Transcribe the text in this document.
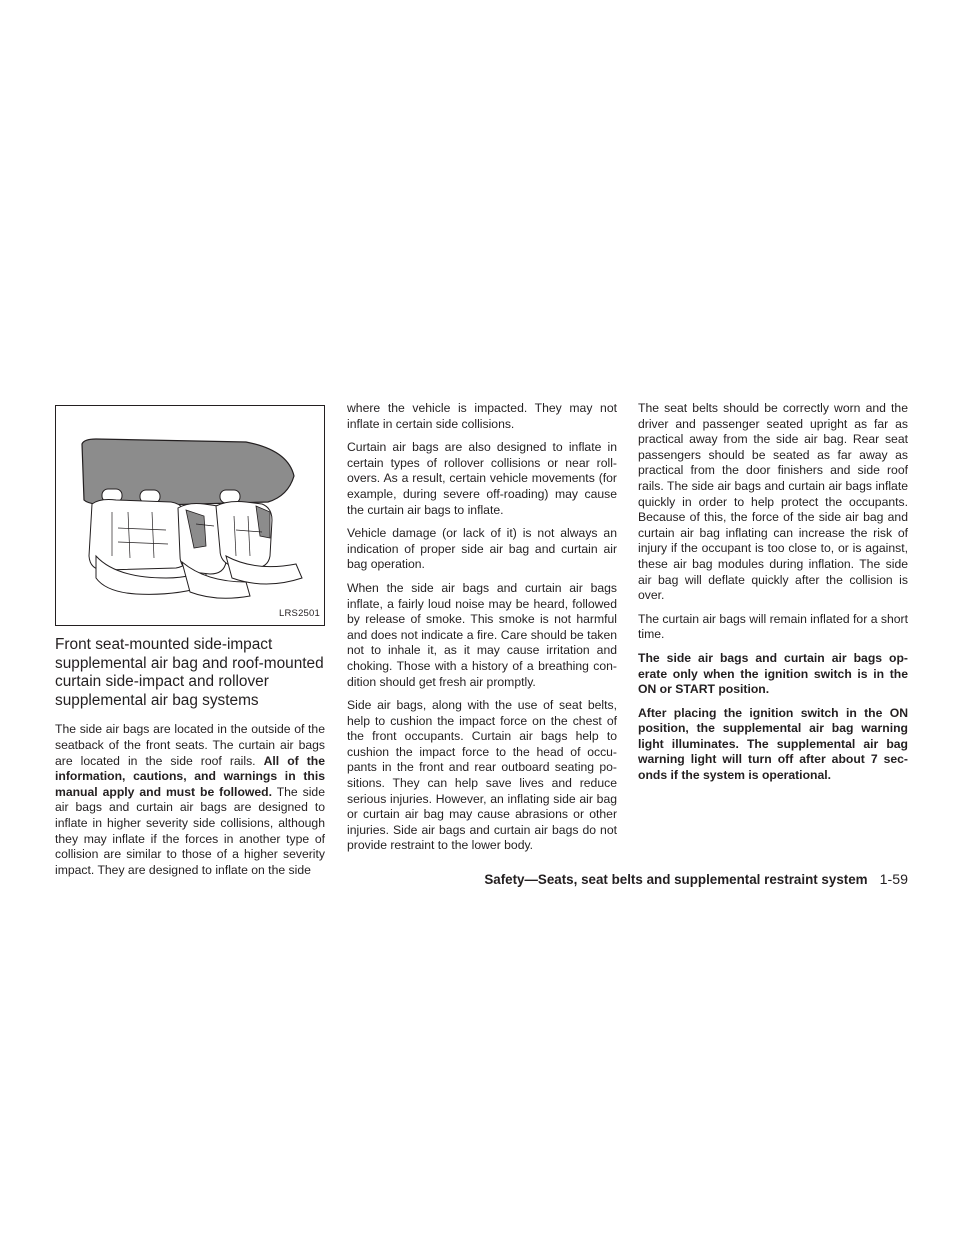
LRS2501
Front seat-mounted side-impact supplemental air bag and roof-mounted curtain side-impact and rollover supplemental air bag systems

The side air bags are located in the outside of the seatback of the front seats. The curtain air bags are located in the side roof rails. All of the information, cautions, and warnings in this manual apply and must be followed. The side air bags and curtain air bags are designed to inflate in higher severity side collisions, although they may inflate if the forces in another type of collision are similar to those of a higher severity impact. They are designed to inflate on the side

where the vehicle is impacted. They may not inflate in certain side collisions.

Curtain air bags are also designed to inflate in certain types of rollover collisions or near roll-overs. As a result, certain vehicle movements (for example, during severe off-roading) may cause the curtain air bags to inflate.

Vehicle damage (or lack of it) is not always an indication of proper side air bag and curtain air bag operation.

When the side air bags and curtain air bags inflate, a fairly loud noise may be heard, followed by release of smoke. This smoke is not harmful and does not indicate a fire. Care should be taken not to inhale it, as it may cause irritation and choking. Those with a history of a breathing con-dition should get fresh air promptly.

Side air bags, along with the use of seat belts, help to cushion the impact force on the chest of the front occupants. Curtain air bags help to cushion the impact force to the head of occu-pants in the front and rear outboard seating po-sitions. They can help save lives and reduce serious injuries. However, an inflating side air bag or curtain air bag may cause abrasions or other injuries. Side air bags and curtain air bags do not provide restraint to the lower body.

The seat belts should be correctly worn and the driver and passenger seated upright as far as practical away from the side air bag. Rear seat passengers should be seated as far away as practical from the door finishers and side roof rails. The side air bags and curtain air bags inflate quickly in order to help protect the occupants. Because of this, the force of the side air bag and curtain air bag inflating can increase the risk of injury if the occupant is too close to, or is against, these air bag modules during inflation. The side air bag will deflate quickly after the collision is over.

The curtain air bags will remain inflated for a short time.

The side air bags and curtain air bags op-erate only when the ignition switch is in the ON or START position.

After placing the ignition switch in the ON position, the supplemental air bag warning light illuminates. The supplemental air bag warning light will turn off after about 7 sec-onds if the system is operational.

Safety—Seats, seat belts and supplemental restraint system 1-59
